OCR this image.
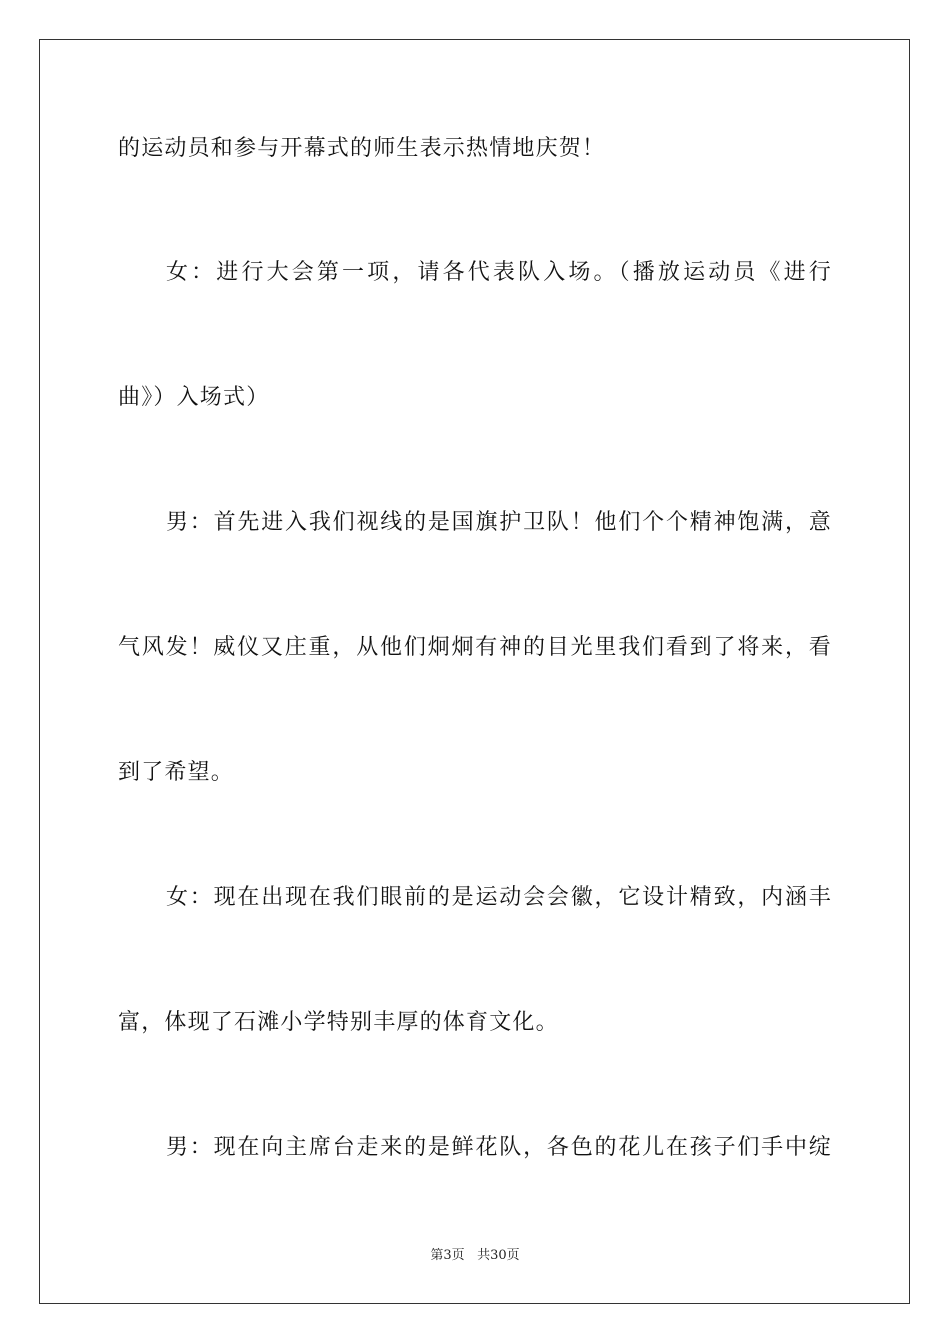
的运动员和参与开幕式的师生表示热情地庆贺！
女：进行大会第一项，请各代表队入场。（播放运动员《进行
曲》）入场式）
男：首先进入我们视线的是国旗护卫队！他们个个精神饱满，意
气风发！威仪又庄重，从他们炯炯有神的目光里我们看到了将来，看
到了希望。
女：现在出现在我们眼前的是运动会会徽，它设计精致，内涵丰
富，体现了石滩小学特别丰厚的体育文化。
男：现在向主席台走来的是鲜花队，各色的花儿在孩子们手中绽
第3页 共30页
